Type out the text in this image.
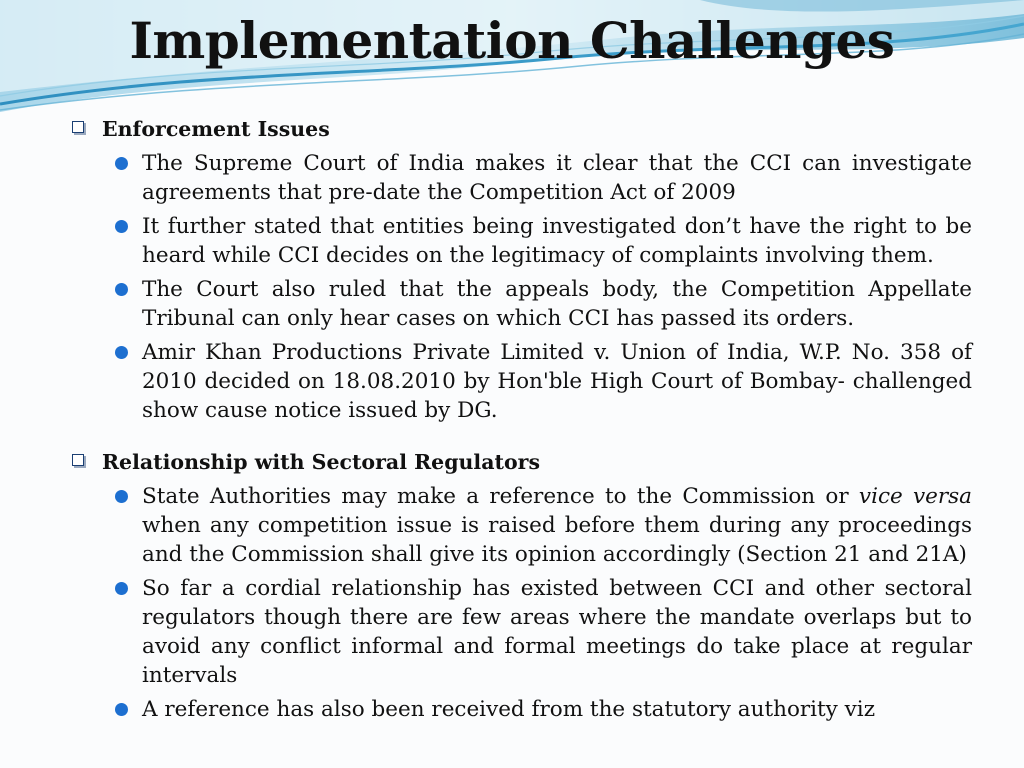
Implementation Challenges
Enforcement Issues
The Supreme Court of India makes it clear that the CCI can investigate agreements that pre-date the Competition Act of 2009
It further stated that entities being investigated don’t have the right to be heard while CCI decides on the legitimacy of complaints involving them.
The Court also ruled that the appeals body, the Competition Appellate Tribunal can only hear cases on which CCI has passed its orders.
Amir Khan Productions Private Limited v. Union of India, W.P. No. 358 of 2010 decided on 18.08.2010 by Hon'ble High Court of Bombay- challenged show cause notice issued by DG.
Relationship with Sectoral Regulators
State Authorities may make a reference to the Commission or vice versa when any competition issue is raised before them during any proceedings and the Commission shall give its opinion accordingly (Section 21 and 21A)
So far a cordial relationship has existed between CCI and other sectoral regulators though there are few areas where the mandate overlaps but to avoid any conflict informal and formal meetings do take place at regular intervals
A reference has also been received from the statutory authority viz
